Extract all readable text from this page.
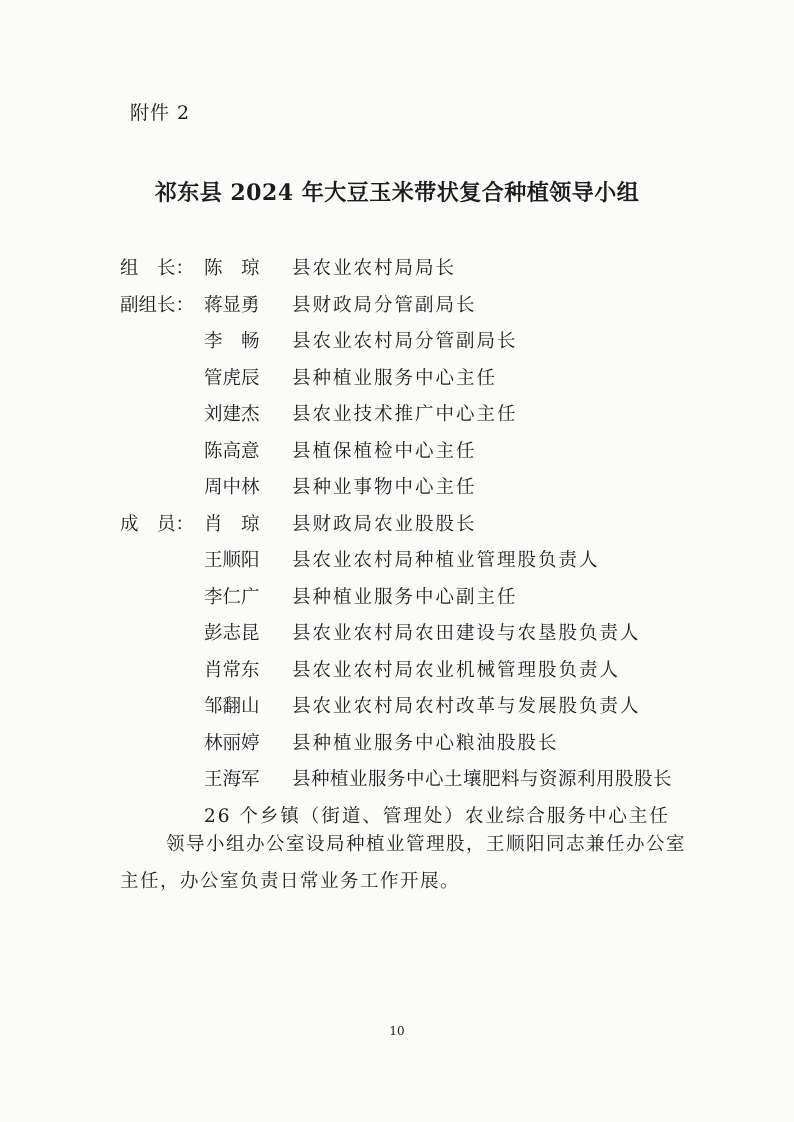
附件 2
祁东县 2024 年大豆玉米带状复合种植领导小组
组　长： 陈　琼	县农业农村局局长
副组长： 蒋显勇	县财政局分管副局长
李　畅	县农业农村局分管副局长
管虎辰	县种植业服务中心主任
刘建杰	县农业技术推广中心主任
陈高意	县植保植检中心主任
周中林	县种业事物中心主任
成　员： 肖　琼	县财政局农业股股长
王顺阳	县农业农村局种植业管理股负责人
李仁广	县种植业服务中心副主任
彭志昆	县农业农村局农田建设与农垦股负责人
肖常东	县农业农村局农业机械管理股负责人
邹翻山	县农业农村局农村改革与发展股负责人
林丽婷	县种植业服务中心粮油股股长
王海军	县种植业服务中心土壤肥料与资源利用股股长
26 个乡镇（街道、管理处）农业综合服务中心主任
领导小组办公室设局种植业管理股，王顺阳同志兼任办公室主任，办公室负责日常业务工作开展。
10
